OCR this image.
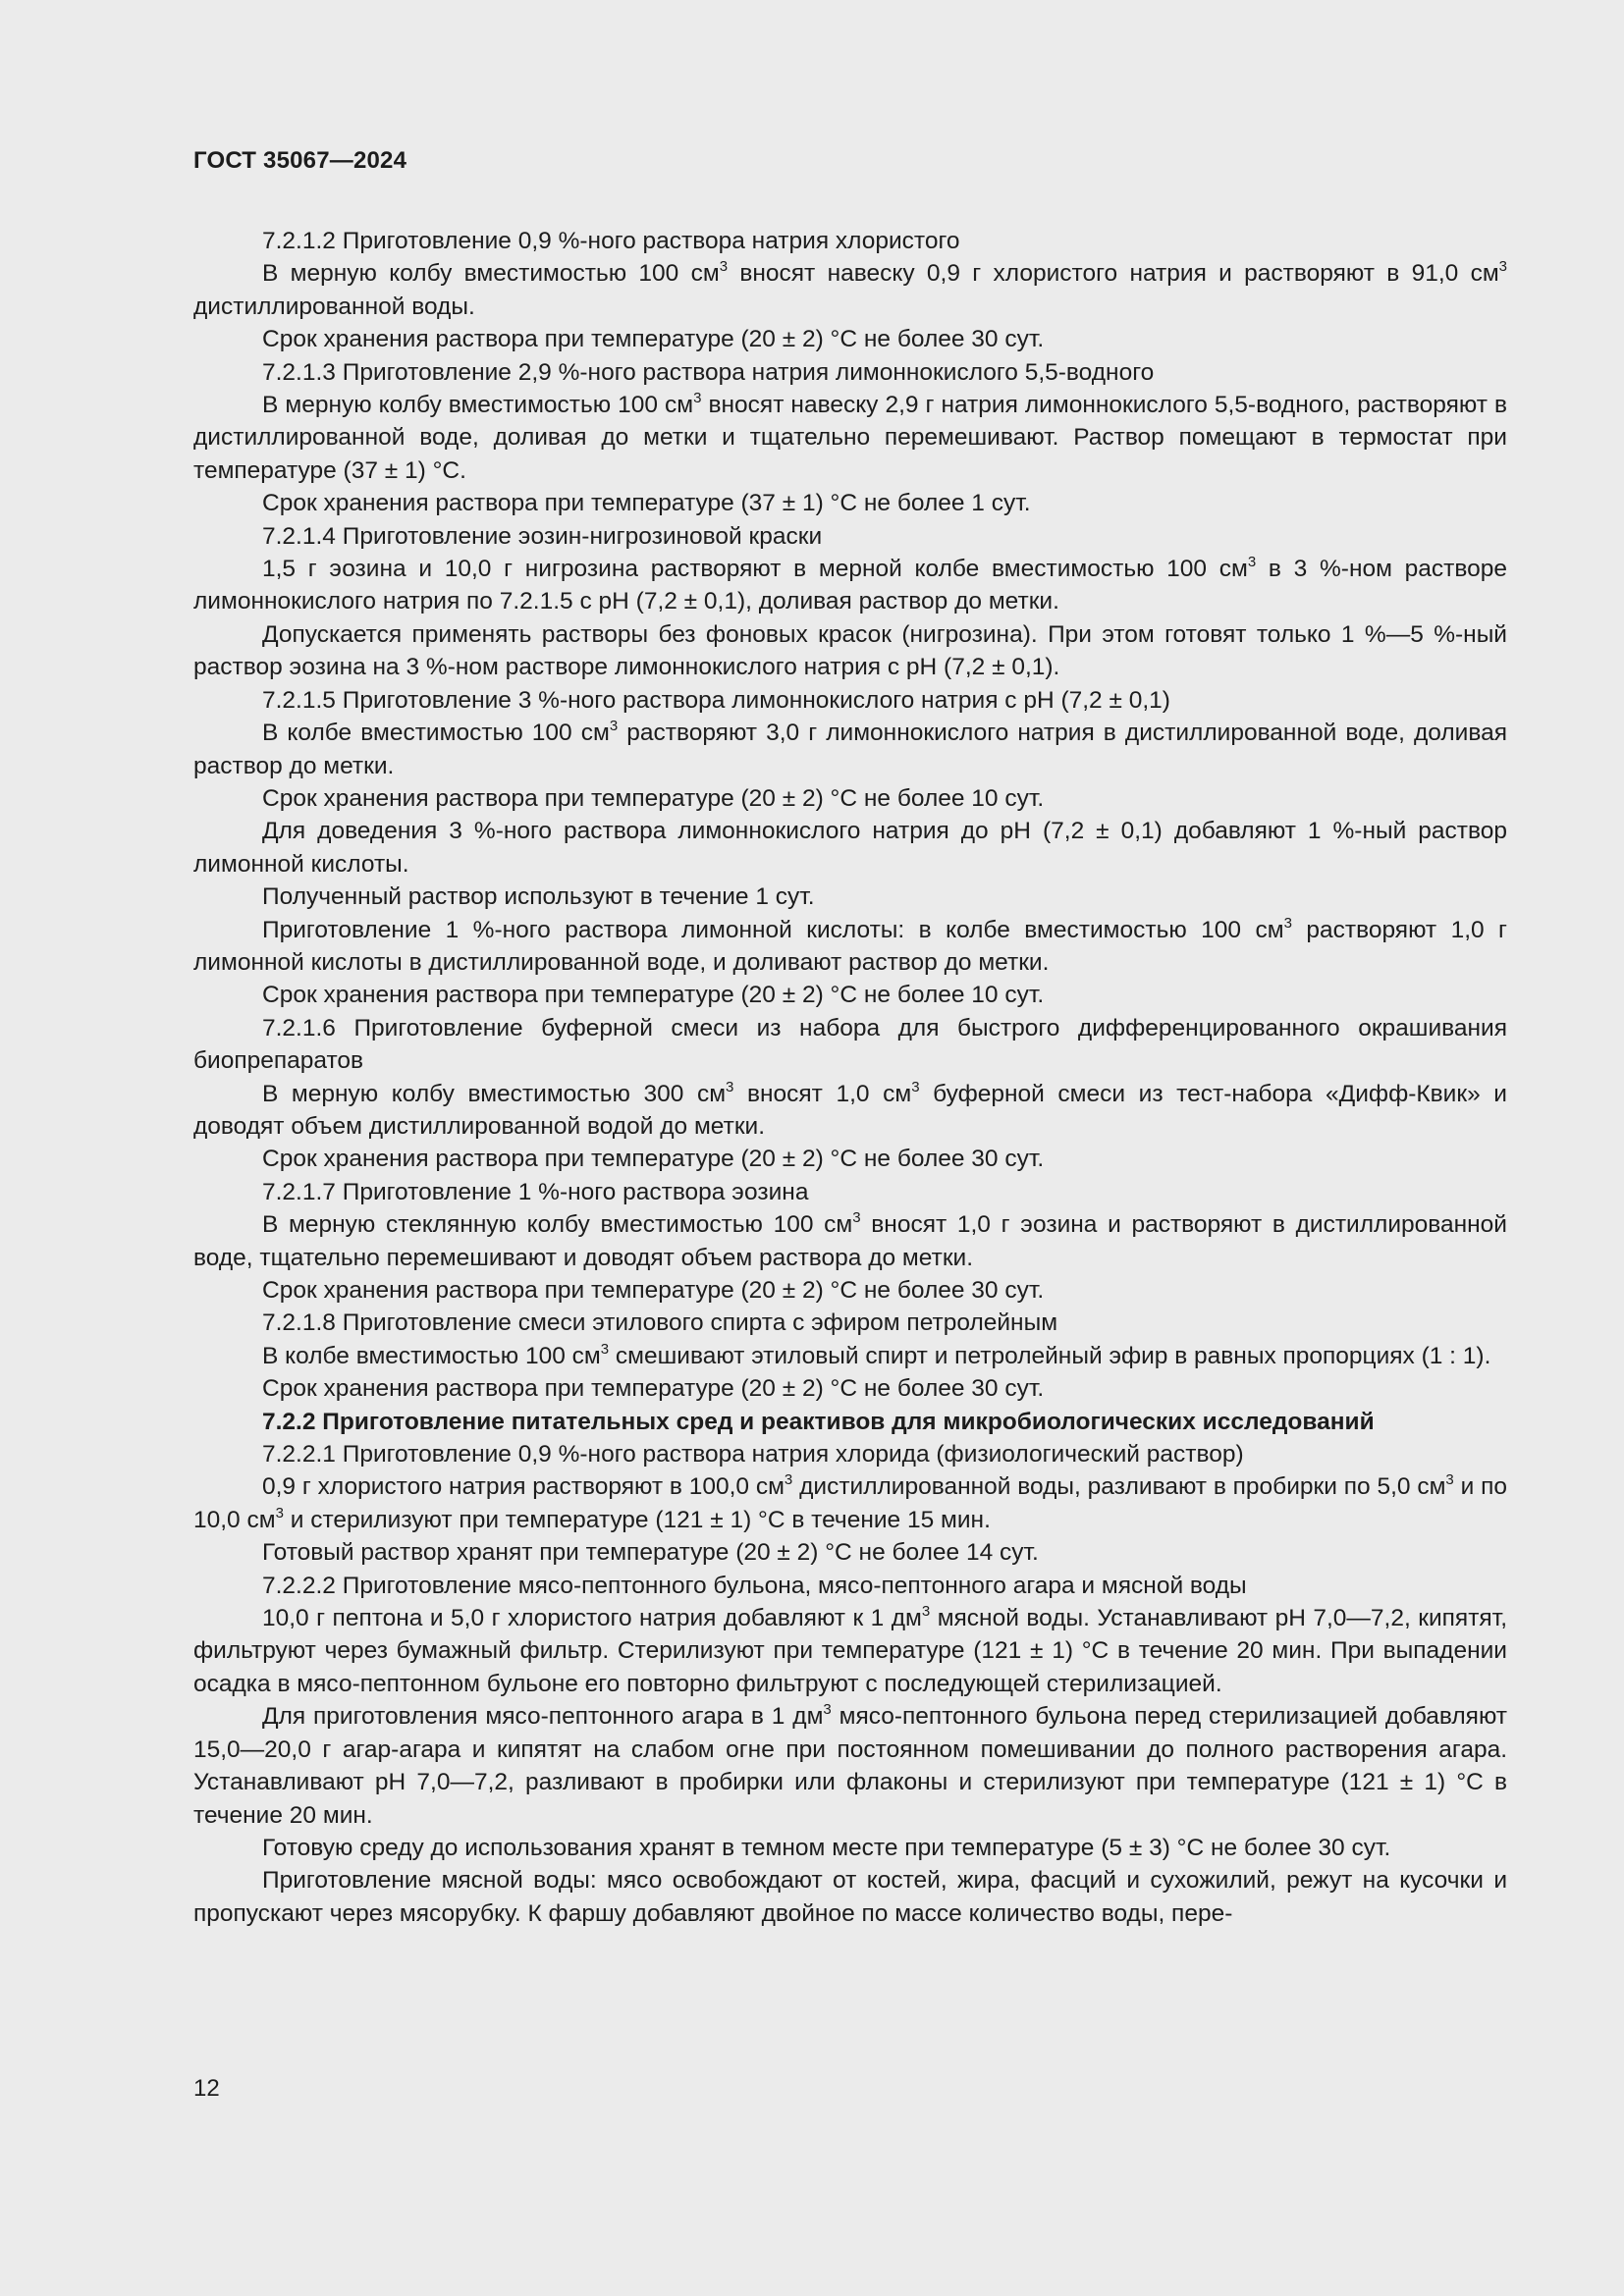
ГОСТ 35067—2024

7.2.1.2 Приготовление 0,9 %-ного раствора натрия хлористого

В мерную колбу вместимостью 100 $см^3$ вносят навеску 0,9 г хлористого натрия и растворяют в 91,0 $см^3$ дистиллированной воды.

Срок хранения раствора при температуре (20 ± 2) °С не более 30 сут.

7.2.1.3 Приготовление 2,9 %-ного раствора натрия лимоннокислого 5,5-водного

В мерную колбу вместимостью 100 $см^3$ вносят навеску 2,9 г натрия лимоннокислого 5,5-водного, растворяют в дистиллированной воде, доливая до метки и тщательно перемешивают. Раствор помещают в термостат при температуре (37 ± 1) °С.

Срок хранения раствора при температуре (37 ± 1) °С не более 1 сут.

7.2.1.4 Приготовление эозин-нигрозиновой краски

1,5 г эозина и 10,0 г нигрозина растворяют в мерной колбе вместимостью 100 $см^3$ в 3 %-ном растворе лимоннокислого натрия по 7.2.1.5 с рН (7,2 ± 0,1), доливая раствор до метки.

Допускается применять растворы без фоновых красок (нигрозина). При этом готовят только 1 %—5 %-ный раствор эозина на 3 %-ном растворе лимоннокислого натрия с рН (7,2 ± 0,1).

7.2.1.5 Приготовление 3 %-ного раствора лимоннокислого натрия с рН (7,2 ± 0,1)

В колбе вместимостью 100 $см^3$ растворяют 3,0 г лимоннокислого натрия в дистиллированной воде, доливая раствор до метки.

Срок хранения раствора при температуре (20 ± 2) °С не более 10 сут.

Для доведения 3 %-ного раствора лимоннокислого натрия до рН (7,2 ± 0,1) добавляют 1 %-ный раствор лимонной кислоты.

Полученный раствор используют в течение 1 сут.

Приготовление 1 %-ного раствора лимонной кислоты: в колбе вместимостью 100 $см^3$ растворяют 1,0 г лимонной кислоты в дистиллированной воде, и доливают раствор до метки.

Срок хранения раствора при температуре (20 ± 2) °С не более 10 сут.

7.2.1.6 Приготовление буферной смеси из набора для быстрого дифференцированного окрашивания биопрепаратов

В мерную колбу вместимостью 300 $см^3$ вносят 1,0 $см^3$ буферной смеси из тест-набора «Дифф-Квик» и доводят объем дистиллированной водой до метки.

Срок хранения раствора при температуре (20 ± 2) °С не более 30 сут.

7.2.1.7 Приготовление 1 %-ного раствора эозина

В мерную стеклянную колбу вместимостью 100 $см^3$ вносят 1,0 г эозина и растворяют в дистиллированной воде, тщательно перемешивают и доводят объем раствора до метки.

Срок хранения раствора при температуре (20 ± 2) °С не более 30 сут.

7.2.1.8 Приготовление смеси этилового спирта с эфиром петролейным

В колбе вместимостью 100 $см^3$ смешивают этиловый спирт и петролейный эфир в равных пропорциях (1 : 1).

Срок хранения раствора при температуре (20 ± 2) °С не более 30 сут.

7.2.2 Приготовление питательных сред и реактивов для микробиологических исследований

7.2.2.1 Приготовление 0,9 %-ного раствора натрия хлорида (физиологический раствор)

0,9 г хлористого натрия растворяют в 100,0 $см^3$ дистиллированной воды, разливают в пробирки по 5,0 $см^3$ и по 10,0 $см^3$ и стерилизуют при температуре (121 ± 1) °С в течение 15 мин.

Готовый раствор хранят при температуре (20 ± 2) °С не более 14 сут.

7.2.2.2 Приготовление мясо-пептонного бульона, мясо-пептонного агара и мясной воды

10,0 г пептона и 5,0 г хлористого натрия добавляют к 1 $дм^3$ мясной воды. Устанавливают рН 7,0—7,2, кипятят, фильтруют через бумажный фильтр. Стерилизуют при температуре (121 ± 1) °С в течение 20 мин. При выпадении осадка в мясо-пептонном бульоне его повторно фильтруют с последующей стерилизацией.

Для приготовления мясо-пептонного агара в 1 $дм^3$ мясо-пептонного бульона перед стерилизацией добавляют 15,0—20,0 г агар-агара и кипятят на слабом огне при постоянном помешивании до полного растворения агара. Устанавливают рН 7,0—7,2, разливают в пробирки или флаконы и стерилизуют при температуре (121 ± 1) °С в течение 20 мин.

Готовую среду до использования хранят в темном месте при температуре (5 ± 3) °С не более 30 сут.

Приготовление мясной воды: мясо освобождают от костей, жира, фасций и сухожилий, режут на кусочки и пропускают через мясорубку. К фаршу добавляют двойное по массе количество воды, пере-

12
